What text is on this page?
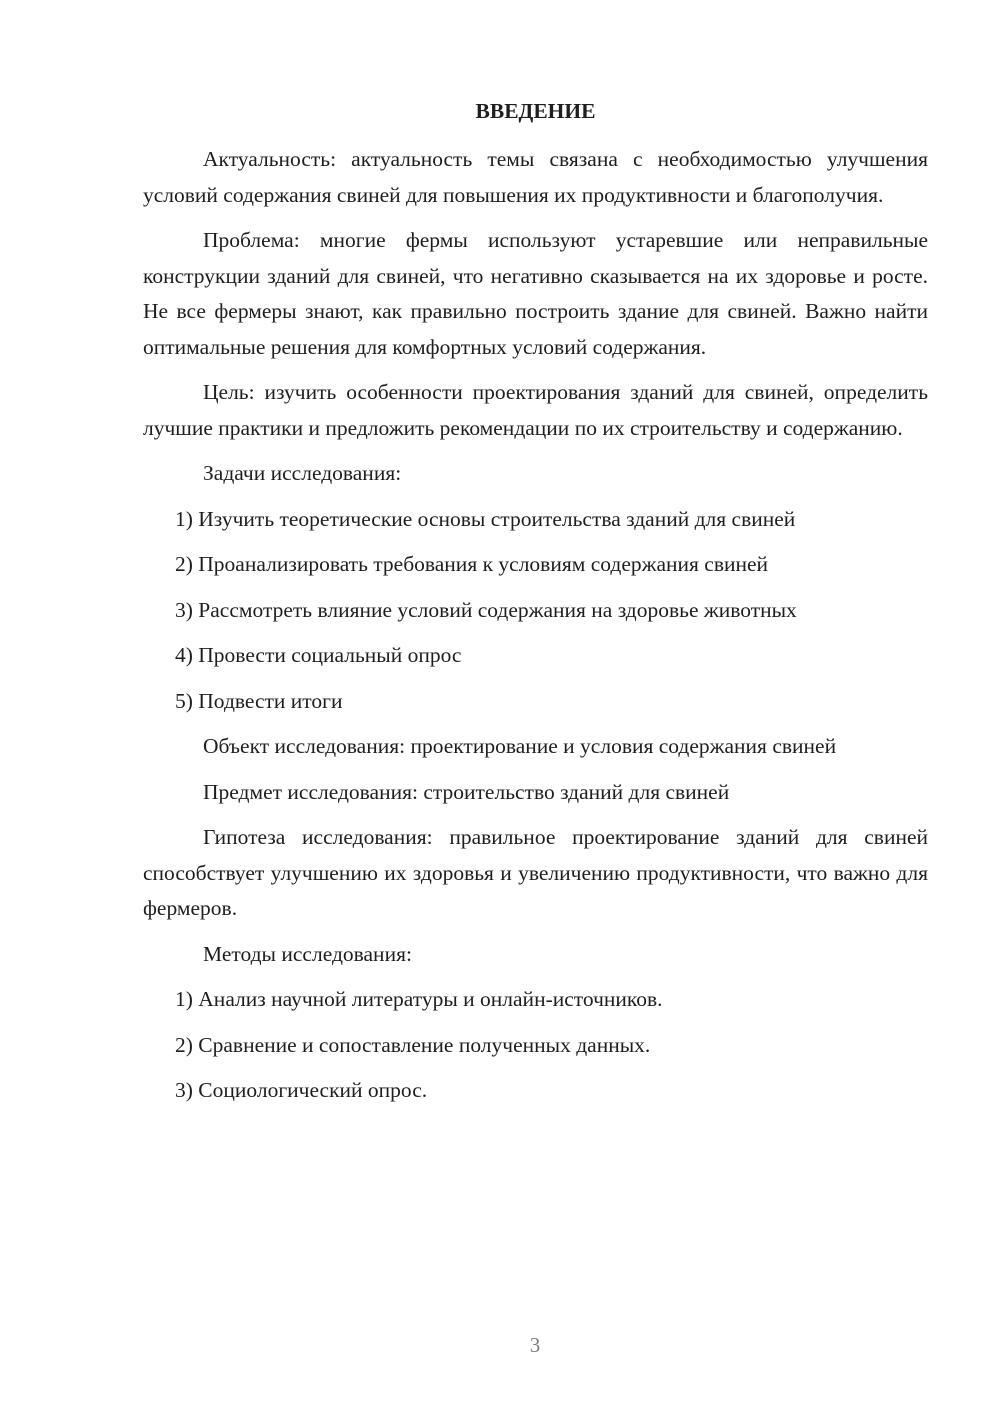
ВВЕДЕНИЕ

Актуальность: актуальность темы связана с необходимостью улучшения условий содержания свиней для повышения их продуктивности и благополучия.

Проблема: многие фермы используют устаревшие или неправильные конструкции зданий для свиней, что негативно сказывается на их здоровье и росте. Не все фермеры знают, как правильно построить здание для свиней. Важно найти оптимальные решения для комфортных условий содержания.

Цель: изучить особенности проектирования зданий для свиней, определить лучшие практики и предложить рекомендации по их строительству и содержанию.

Задачи исследования:

1) Изучить теоретические основы строительства зданий для свиней

2) Проанализировать требования к условиям содержания свиней

3) Рассмотреть влияние условий содержания на здоровье животных

4) Провести социальный опрос

5) Подвести итоги

Объект исследования: проектирование и условия содержания свиней

Предмет исследования: строительство зданий для свиней

Гипотеза исследования: правильное проектирование зданий для свиней способствует улучшению их здоровья и увеличению продуктивности, что важно для фермеров.

Методы исследования:

1) Анализ научной литературы и онлайн-источников.

2) Сравнение и сопоставление полученных данных.

3) Социологический опрос.

3
